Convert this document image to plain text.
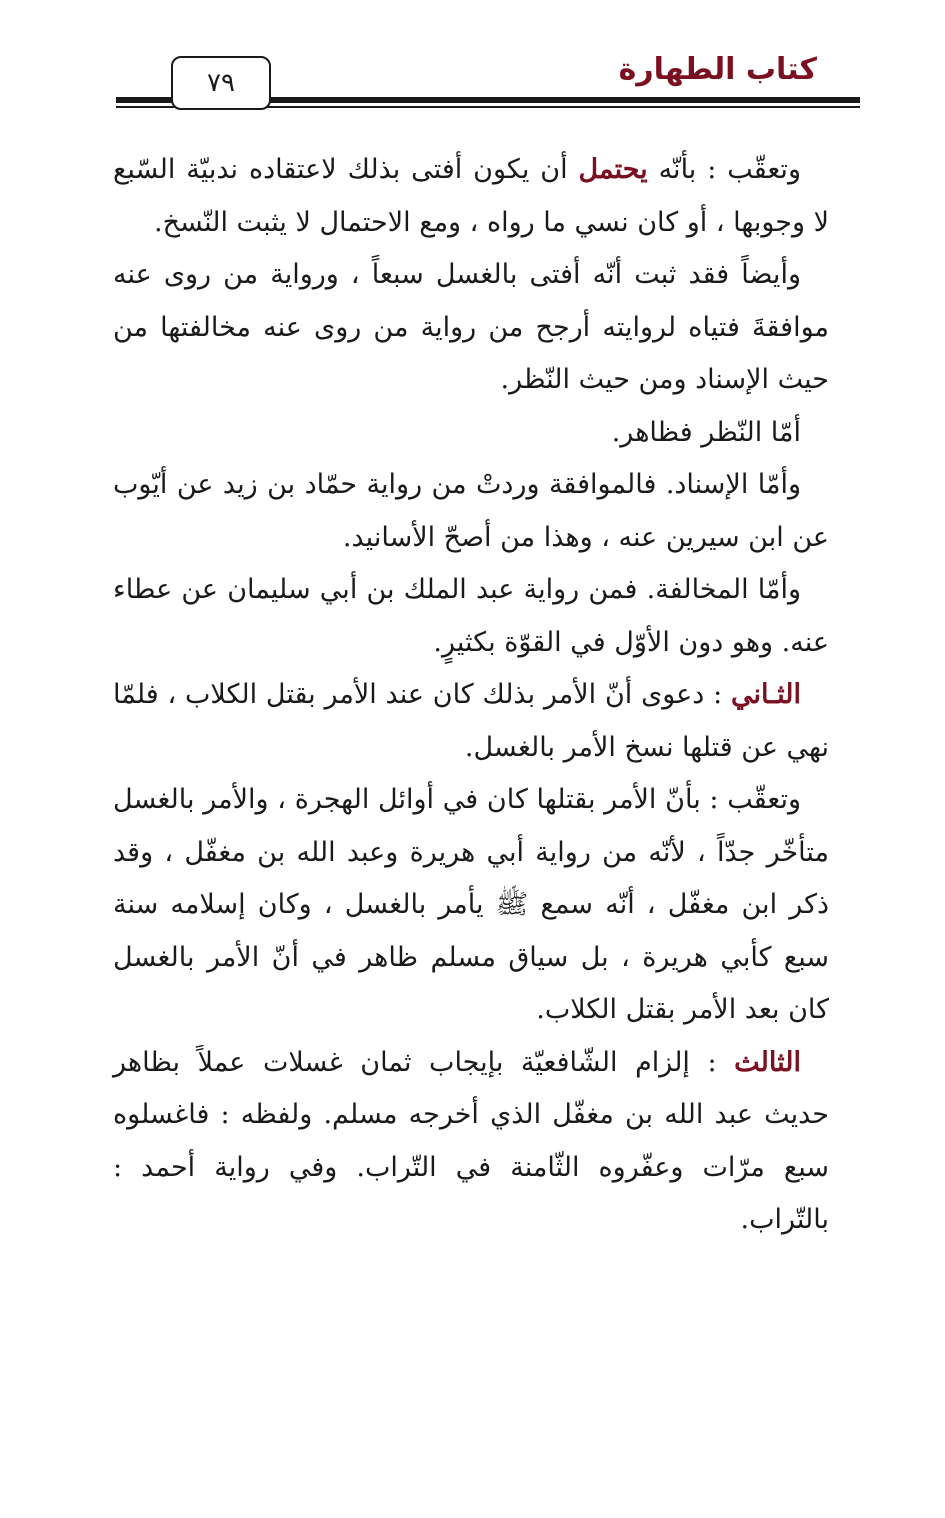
كتاب الطهارة
٧٩

وتعقّب : بأنّه يحتمل أن يكون أفتى بذلك لاعتقاده ندبيّة السّبع لا وجوبها ، أو كان نسي ما رواه ، ومع الاحتمال لا يثبت النّسخ.

وأيضاً فقد ثبت أنّه أفتى بالغسل سبعاً ، ورواية من روى عنه موافقةَ فتياه لروايته أرجح من رواية من روى عنه مخالفتها من حيث الإسناد ومن حيث النّظر.

أمّا النّظر فظاهر.

وأمّا الإسناد. فالموافقة وردتْ من رواية حمّاد بن زيد عن أيّوب عن ابن سيرين عنه ، وهذا من أصحّ الأسانيد.

وأمّا المخالفة. فمن رواية عبد الملك بن أبي سليمان عن عطاء عنه. وهو دون الأوّل في القوّة بكثيرٍ.

الثـاني : دعوى أنّ الأمر بذلك كان عند الأمر بقتل الكلاب ، فلمّا نهي عن قتلها نسخ الأمر بالغسل.

وتعقّب : بأنّ الأمر بقتلها كان في أوائل الهجرة ، والأمر بالغسل متأخّر جدّاً ، لأنّه من رواية أبي هريرة وعبد الله بن مغفّل ، وقد ذكر ابن مغفّل ، أنّه سمع ﷺ يأمر بالغسل ، وكان إسلامه سنة سبع كأبي هريرة ، بل سياق مسلم ظاهر في أنّ الأمر بالغسل كان بعد الأمر بقتل الكلاب.

الثالث : إلزام الشّافعيّة بإيجاب ثمان غسلات عملاً بظاهر حديث عبد الله بن مغفّل الذي أخرجه مسلم. ولفظه : فاغسلوه سبع مرّات وعفّروه الثّامنة في التّراب. وفي رواية أحمد : بالتّراب.
